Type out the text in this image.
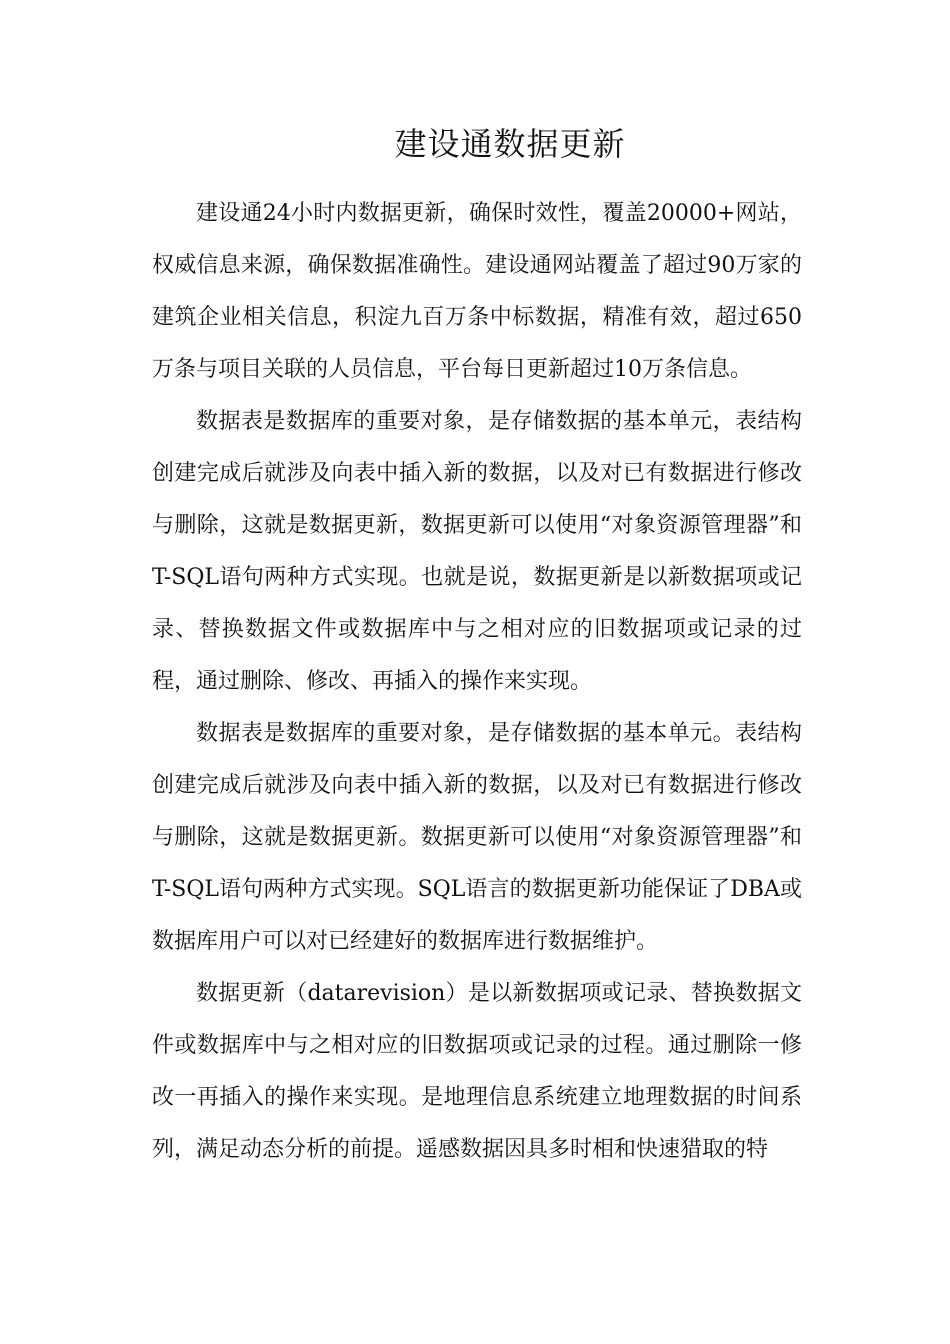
建设通数据更新

建设通24小时内数据更新，确保时效性，覆盖20000+网站，权威信息来源，确保数据准确性。建设通网站覆盖了超过90万家的建筑企业相关信息，积淀九百万条中标数据，精准有效，超过650万条与项目关联的人员信息，平台每日更新超过10万条信息。

数据表是数据库的重要对象，是存储数据的基本单元，表结构创建完成后就涉及向表中插入新的数据，以及对已有数据进行修改与删除，这就是数据更新，数据更新可以使用“对象资源管理器”和T-SQL语句两种方式实现。也就是说，数据更新是以新数据项或记录、替换数据文件或数据库中与之相对应的旧数据项或记录的过程，通过删除、修改、再插入的操作来实现。

数据表是数据库的重要对象，是存储数据的基本单元。表结构创建完成后就涉及向表中插入新的数据，以及对已有数据进行修改与删除，这就是数据更新。数据更新可以使用“对象资源管理器”和T-SQL语句两种方式实现。SQL语言的数据更新功能保证了DBA或数据库用户可以对已经建好的数据库进行数据维护。

数据更新（datarevision）是以新数据项或记录、替换数据文件或数据库中与之相对应的旧数据项或记录的过程。通过删除一修改一再插入的操作来实现。是地理信息系统建立地理数据的时间系列，满足动态分析的前提。遥感数据因具多时相和快速猎取的特
